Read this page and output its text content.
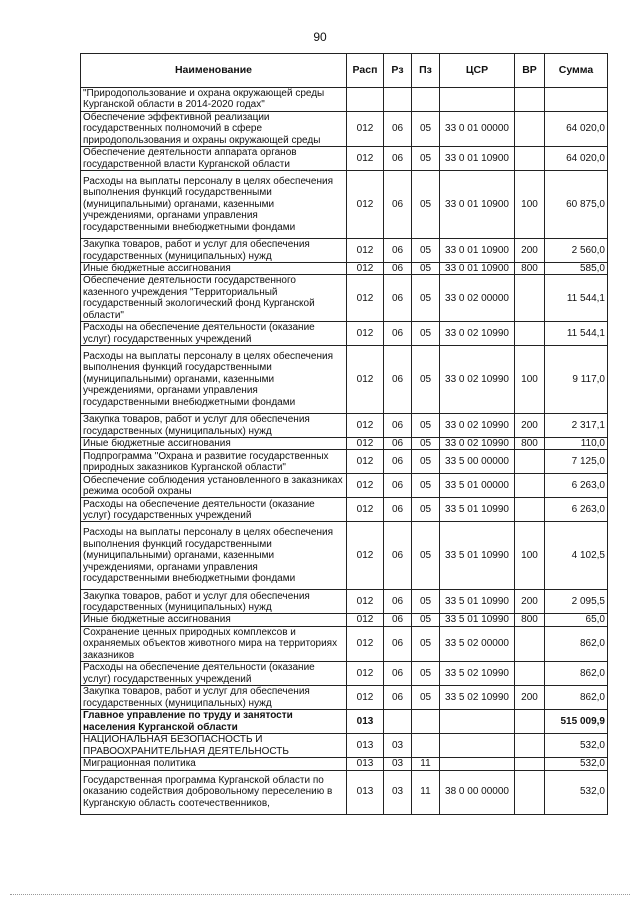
90
Наименование	Расп	Рз	Пз	ЦСР	ВР	Сумма
"Природопользование и охрана окружающей среды Курганской области в 2014-2020 годах"						
Обеспечение эффективной реализации государственных полномочий в сфере природопользования и охраны окружающей среды	012	06	05	33 0 01 00000		64 020,0
Обеспечение деятельности аппарата органов государственной власти Курганской области	012	06	05	33 0 01 10900		64 020,0
Расходы на выплаты персоналу в целях обеспечения выполнения функций государственными (муниципальными) органами, казенными учреждениями, органами управления государственными внебюджетными фондами	012	06	05	33 0 01 10900	100	60 875,0
Закупка товаров, работ и услуг для обеспечения государственных (муниципальных) нужд	012	06	05	33 0 01 10900	200	2 560,0
Иные бюджетные ассигнования	012	06	05	33 0 01 10900	800	585,0
Обеспечение деятельности государственного казенного учреждения "Территориальный государственный экологический фонд Курганской области"	012	06	05	33 0 02 00000		11 544,1
Расходы на обеспечение деятельности (оказание услуг) государственных учреждений	012	06	05	33 0 02 10990		11 544,1
Расходы на выплаты персоналу в целях обеспечения выполнения функций государственными (муниципальными) органами, казенными учреждениями, органами управления государственными внебюджетными фондами	012	06	05	33 0 02 10990	100	9 117,0
Закупка товаров, работ и услуг для обеспечения государственных (муниципальных) нужд	012	06	05	33 0 02 10990	200	2 317,1
Иные бюджетные ассигнования	012	06	05	33 0 02 10990	800	110,0
Подпрограмма "Охрана и развитие государственных природных заказников Курганской области"	012	06	05	33 5 00 00000		7 125,0
Обеспечение соблюдения установленного в заказниках режима особой охраны	012	06	05	33 5 01 00000		6 263,0
Расходы на обеспечение деятельности (оказание услуг) государственных учреждений	012	06	05	33 5 01 10990		6 263,0
Расходы на выплаты персоналу в целях обеспечения выполнения функций государственными (муниципальными) органами, казенными учреждениями, органами управления государственными внебюджетными фондами	012	06	05	33 5 01 10990	100	4 102,5
Закупка товаров, работ и услуг для обеспечения государственных (муниципальных) нужд	012	06	05	33 5 01 10990	200	2 095,5
Иные бюджетные ассигнования	012	06	05	33 5 01 10990	800	65,0
Сохранение ценных природных комплексов и охраняемых объектов животного мира на территориях заказников	012	06	05	33 5 02 00000		862,0
Расходы на обеспечение деятельности (оказание услуг) государственных учреждений	012	06	05	33 5 02 10990		862,0
Закупка товаров, работ и услуг для обеспечения государственных (муниципальных) нужд	012	06	05	33 5 02 10990	200	862,0
Главное управление по труду и занятости населения Курганской области	013					515 009,9
НАЦИОНАЛЬНАЯ БЕЗОПАСНОСТЬ И ПРАВООХРАНИТЕЛЬНАЯ ДЕЯТЕЛЬНОСТЬ	013	03				532,0
Миграционная политика	013	03	11			532,0
Государственная программа Курганской области по оказанию содействия добровольному переселению в Курганскую область соотечественников,	013	03	11	38 0 00 00000		532,0
